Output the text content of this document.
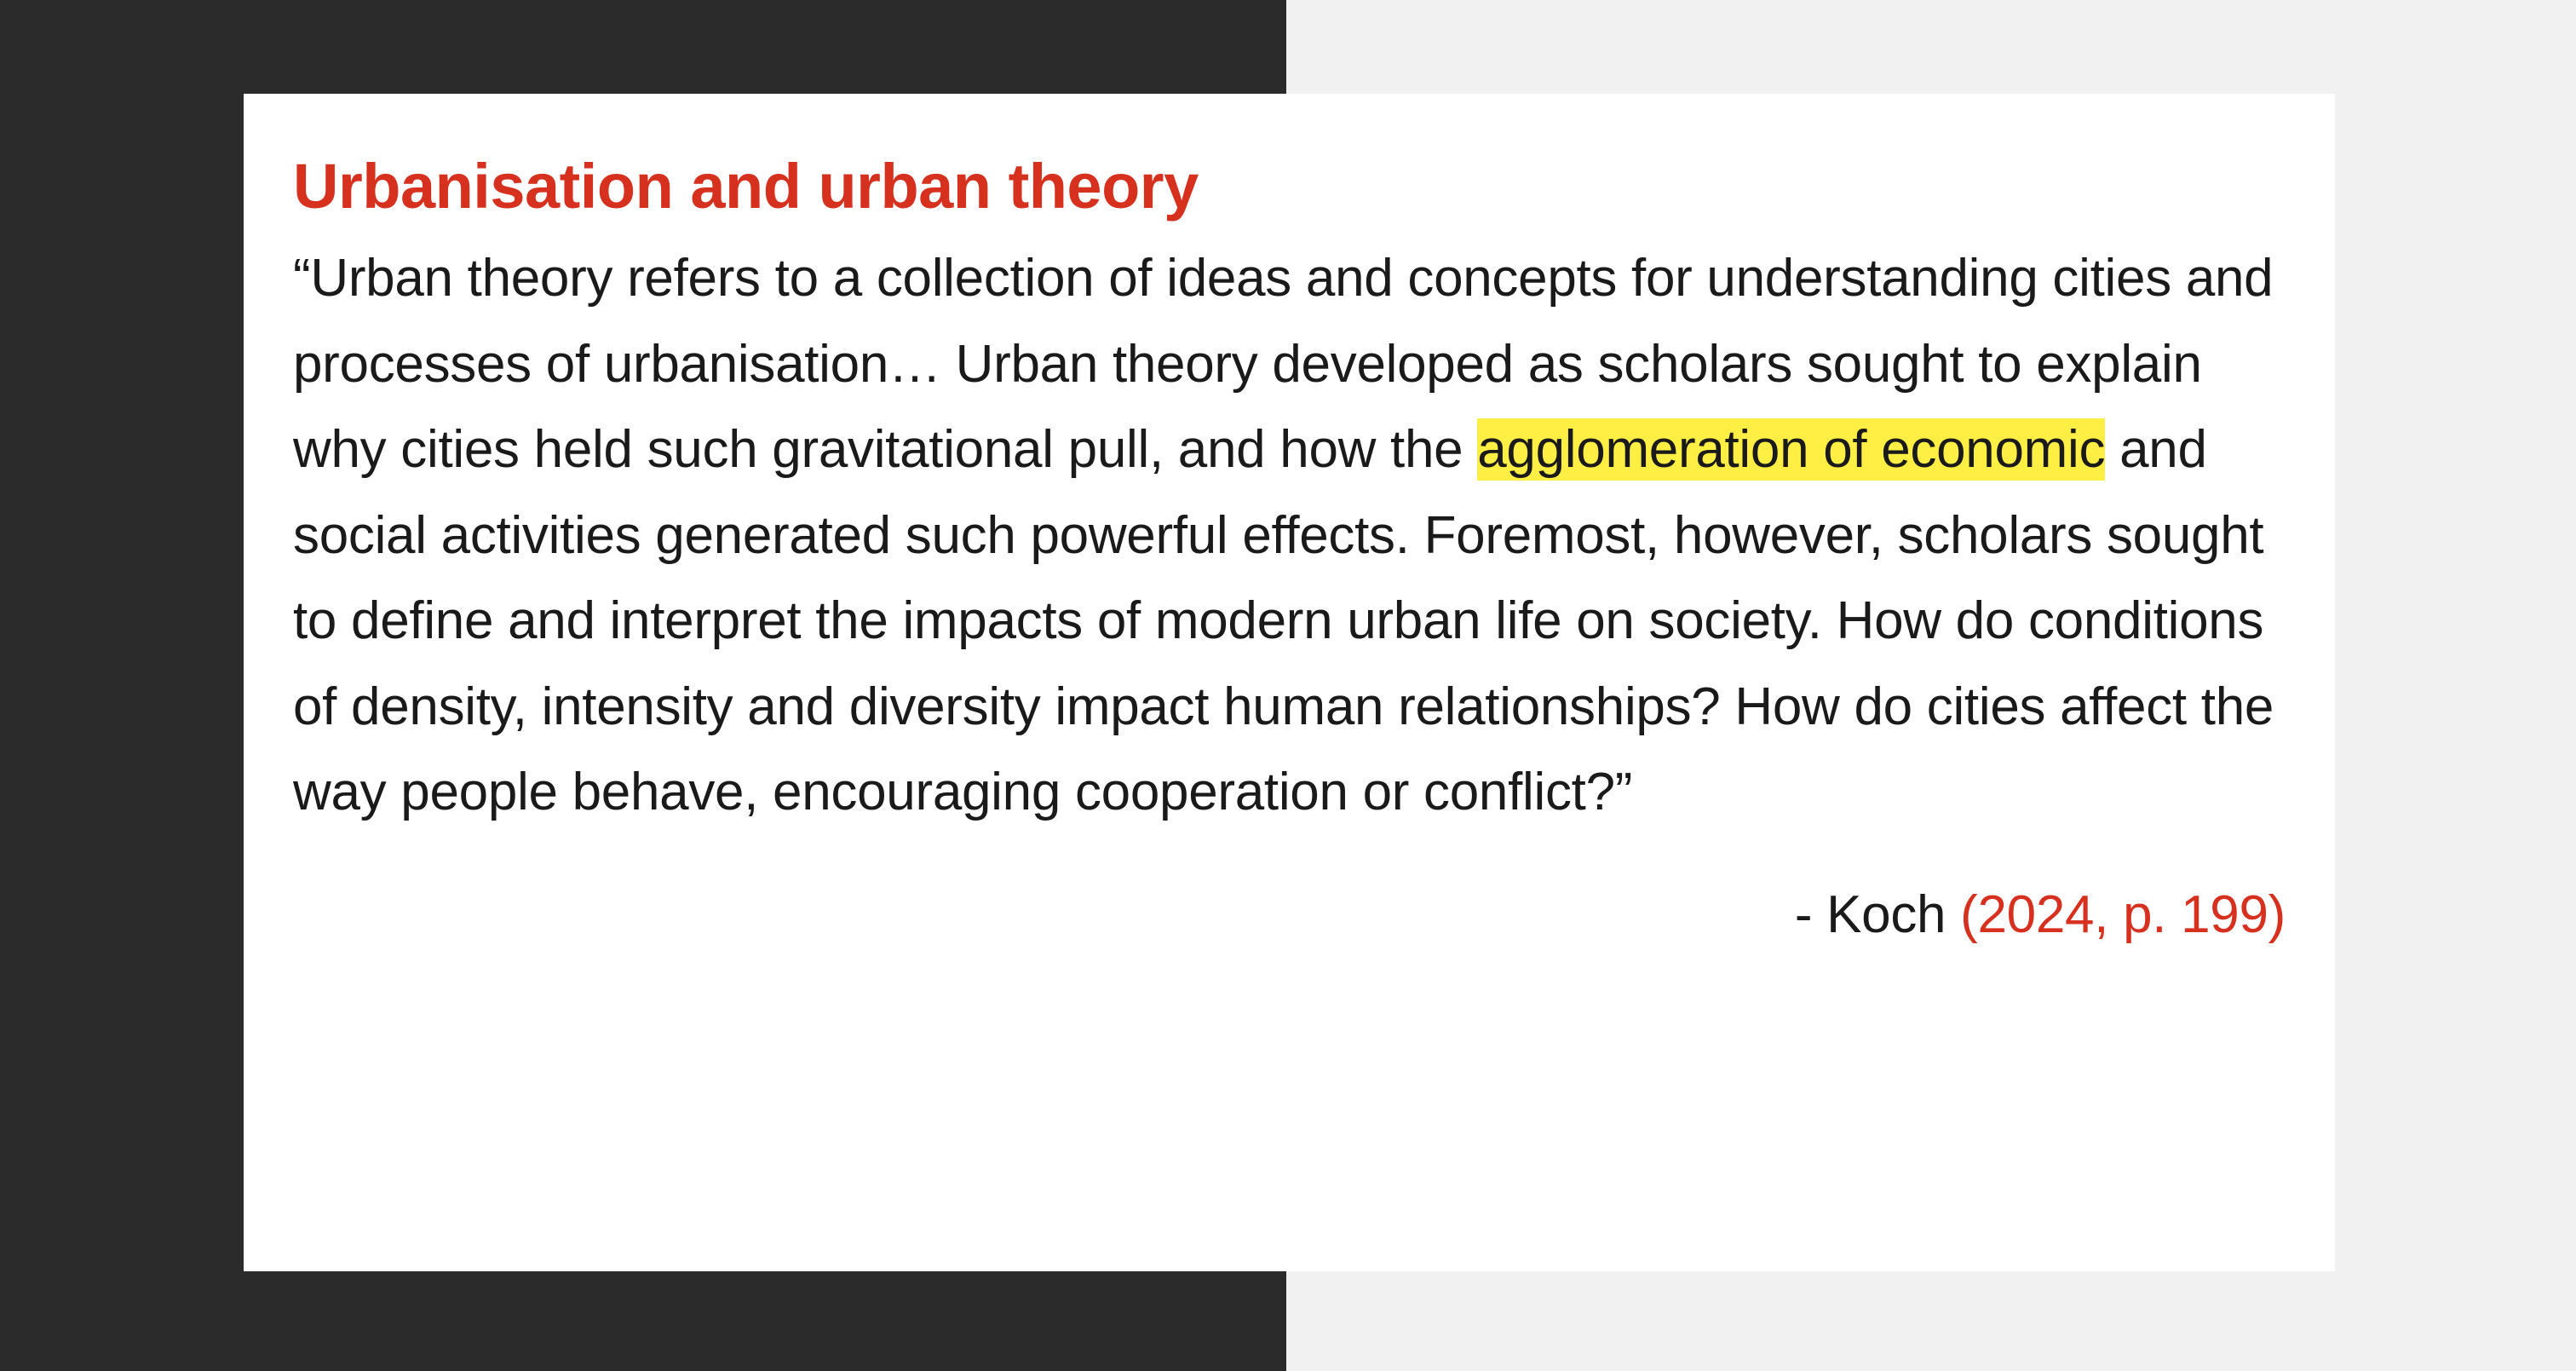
Urbanisation and urban theory

“Urban theory refers to a collection of ideas and concepts for understanding cities and processes of urbanisation… Urban theory developed as scholars sought to explain why cities held such gravitational pull, and how the agglomeration of economic and social activities generated such powerful effects. Foremost, however, scholars sought to define and interpret the impacts of modern urban life on society. How do conditions of density, intensity and diversity impact human relationships? How do cities affect the way people behave, encouraging cooperation or conflict?”

- Koch (2024, p. 199)
